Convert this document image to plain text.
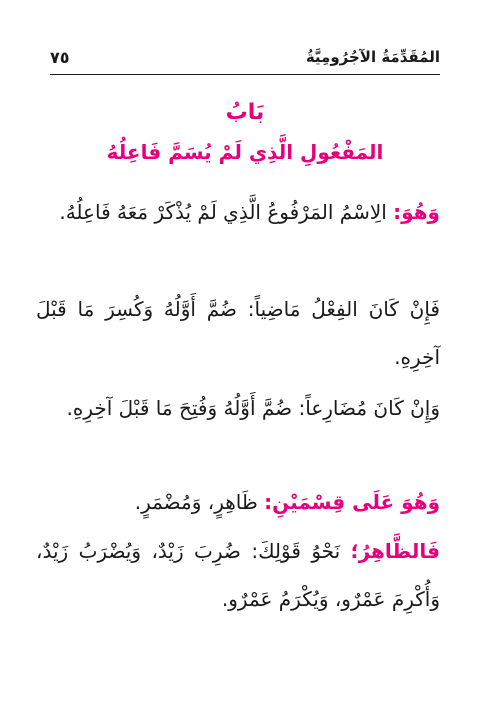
المُقَدِّمَةُ الآجُرُومِيَّةُ
٧٥
بَابُ
المَفْعُولِ الَّذِي لَمْ يُسَمَّ فَاعِلُهُ
وَهُوَ: الِاسْمُ المَرْفُوعُ الَّذِي لَمْ يُذْكَرْ مَعَهُ فَاعِلُهُ.
فَإِنْ كَانَ الفِعْلُ مَاضِياً: ضُمَّ أَوَّلُهُ وَكُسِرَ مَا قَبْلَ آخِرِهِ.
وَإِنْ كَانَ مُضَارِعاً: ضُمَّ أَوَّلُهُ وَفُتِحَ مَا قَبْلَ آخِرِهِ.
وَهُوَ عَلَى قِسْمَيْنِ: ظَاهِرٍ، وَمُضْمَرٍ.
فَالظَّاهِرُ؛ نَحْوُ قَوْلِكَ: ضُرِبَ زَيْدٌ، وَيُضْرَبُ زَيْدٌ، وَأُكْرِمَ عَمْرٌو، وَيُكْرَمُ عَمْرٌو.
